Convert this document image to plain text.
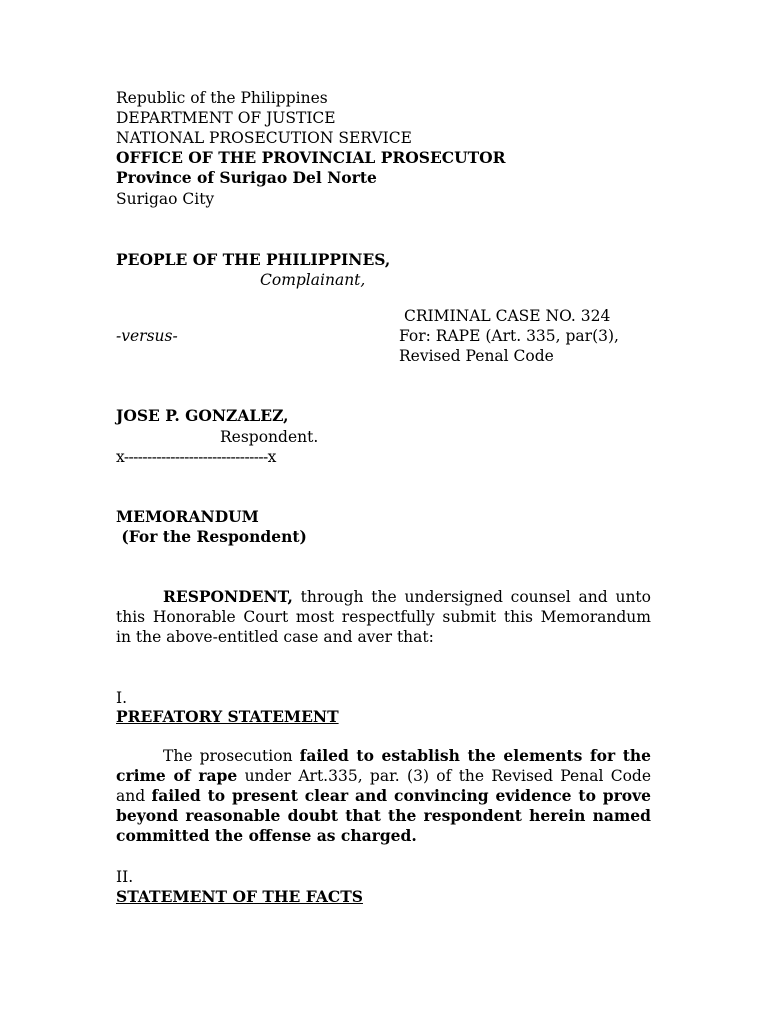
Republic of the Philippines
DEPARTMENT OF JUSTICE
NATIONAL PROSECUTION SERVICE
OFFICE OF THE PROVINCIAL PROSECUTOR
Province of Surigao Del Norte
Surigao City
PEOPLE OF THE PHILIPPINES,
Complainant,
CRIMINAL CASE NO. 324
-versus-	For: RAPE (Art. 335, par(3),
Revised Penal Code
JOSE P. GONZALEZ,
Respondent.
x-------------------------------x
MEMORANDUM
(For the Respondent)
RESPONDENT, through the undersigned counsel and unto this Honorable Court most respectfully submit this Memorandum in the above-entitled case and aver that:
I.
PREFATORY STATEMENT
The prosecution failed to establish the elements for the crime of rape under Art.335, par. (3) of the Revised Penal Code and failed to present clear and convincing evidence to prove beyond reasonable doubt that the respondent herein named committed the offense as charged.
II.
STATEMENT OF THE FACTS
